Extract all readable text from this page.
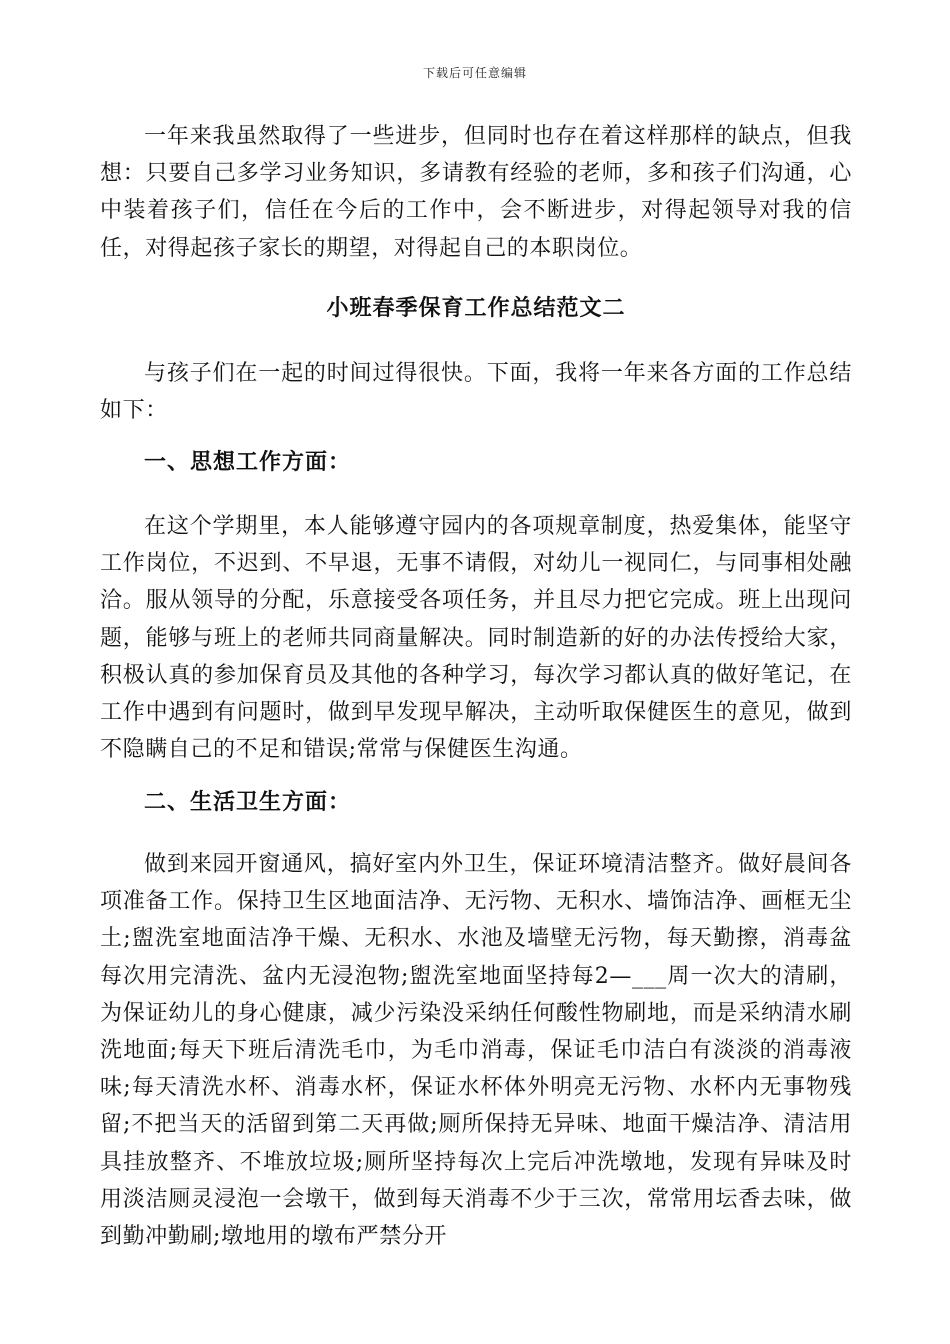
下载后可任意编辑

一年来我虽然取得了一些进步，但同时也存在着这样那样的缺点，但我想：只要自己多学习业务知识，多请教有经验的老师，多和孩子们沟通，心中装着孩子们，信任在今后的工作中，会不断进步，对得起领导对我的信任，对得起孩子家长的期望，对得起自己的本职岗位。

小班春季保育工作总结范文二

与孩子们在一起的时间过得很快。下面，我将一年来各方面的工作总结如下：

一、思想工作方面：

在这个学期里，本人能够遵守园内的各项规章制度，热爱集体，能坚守工作岗位，不迟到、不早退，无事不请假，对幼儿一视同仁，与同事相处融洽。服从领导的分配，乐意接受各项任务，并且尽力把它完成。班上出现问题，能够与班上的老师共同商量解决。同时制造新的好的办法传授给大家，积极认真的参加保育员及其他的各种学习，每次学习都认真的做好笔记，在工作中遇到有问题时，做到早发现早解决，主动听取保健医生的意见，做到不隐瞒自己的不足和错误;常常与保健医生沟通。

二、生活卫生方面：

做到来园开窗通风，搞好室内外卫生，保证环境清洁整齐。做好晨间各项准备工作。保持卫生区地面洁净、无污物、无积水、墙饰洁净、画框无尘土;盥洗室地面洁净干燥、无积水、水池及墙壁无污物，每天勤擦，消毒盆每次用完清洗、盆内无浸泡物;盥洗室地面坚持每2—___周一次大的清刷，为保证幼儿的身心健康，减少污染没采纳任何酸性物刷地，而是采纳清水刷洗地面;每天下班后清洗毛巾，为毛巾消毒，保证毛巾洁白有淡淡的消毒液味;每天清洗水杯、消毒水杯，保证水杯体外明亮无污物、水杯内无事物残留;不把当天的活留到第二天再做;厕所保持无异味、地面干燥洁净、清洁用具挂放整齐、不堆放垃圾;厕所坚持每次上完后冲洗墩地，发现有异味及时用淡洁厕灵浸泡一会墩干，做到每天消毒不少于三次，常常用坛香去味，做到勤冲勤刷;墩地用的墩布严禁分开
